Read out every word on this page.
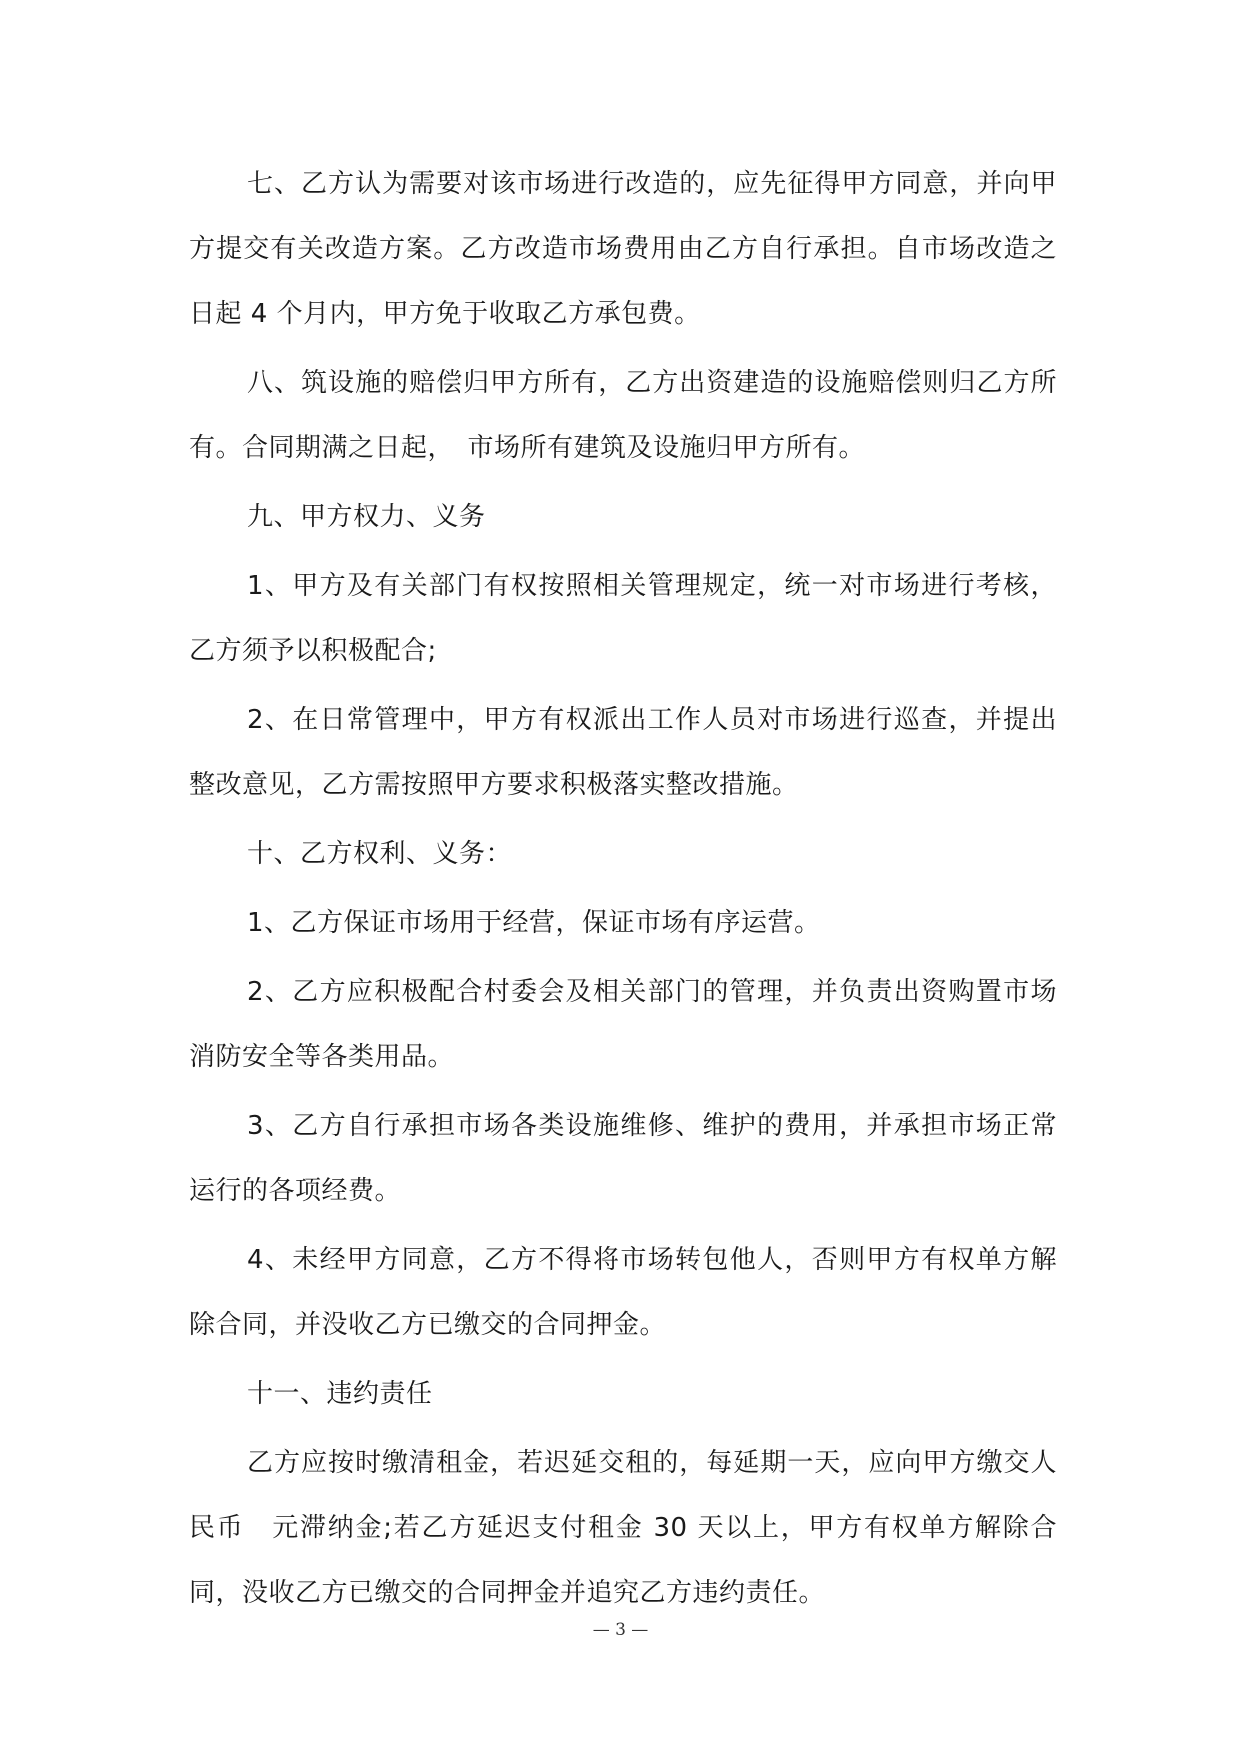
七、乙方认为需要对该市场进行改造的，应先征得甲方同意，并向甲方提交有关改造方案。乙方改造市场费用由乙方自行承担。自市场改造之日起 4 个月内，甲方免于收取乙方承包费。

八、筑设施的赔偿归甲方所有，乙方出资建造的设施赔偿则归乙方所有。合同期满之日起，　市场所有建筑及设施归甲方所有。

九、甲方权力、义务

1、甲方及有关部门有权按照相关管理规定，统一对市场进行考核，乙方须予以积极配合;

2、在日常管理中，甲方有权派出工作人员对市场进行巡查，并提出整改意见，乙方需按照甲方要求积极落实整改措施。

十、乙方权利、义务：

1、乙方保证市场用于经营，保证市场有序运营。

2、乙方应积极配合村委会及相关部门的管理，并负责出资购置市场消防安全等各类用品。

3、乙方自行承担市场各类设施维修、维护的费用，并承担市场正常运行的各项经费。

4、未经甲方同意，乙方不得将市场转包他人，否则甲方有权单方解除合同，并没收乙方已缴交的合同押金。

十一、违约责任

乙方应按时缴清租金，若迟延交租的，每延期一天，应向甲方缴交人民币　元滞纳金;若乙方延迟支付租金 30 天以上，甲方有权单方解除合同，没收乙方已缴交的合同押金并追究乙方违约责任。

— 3 —
